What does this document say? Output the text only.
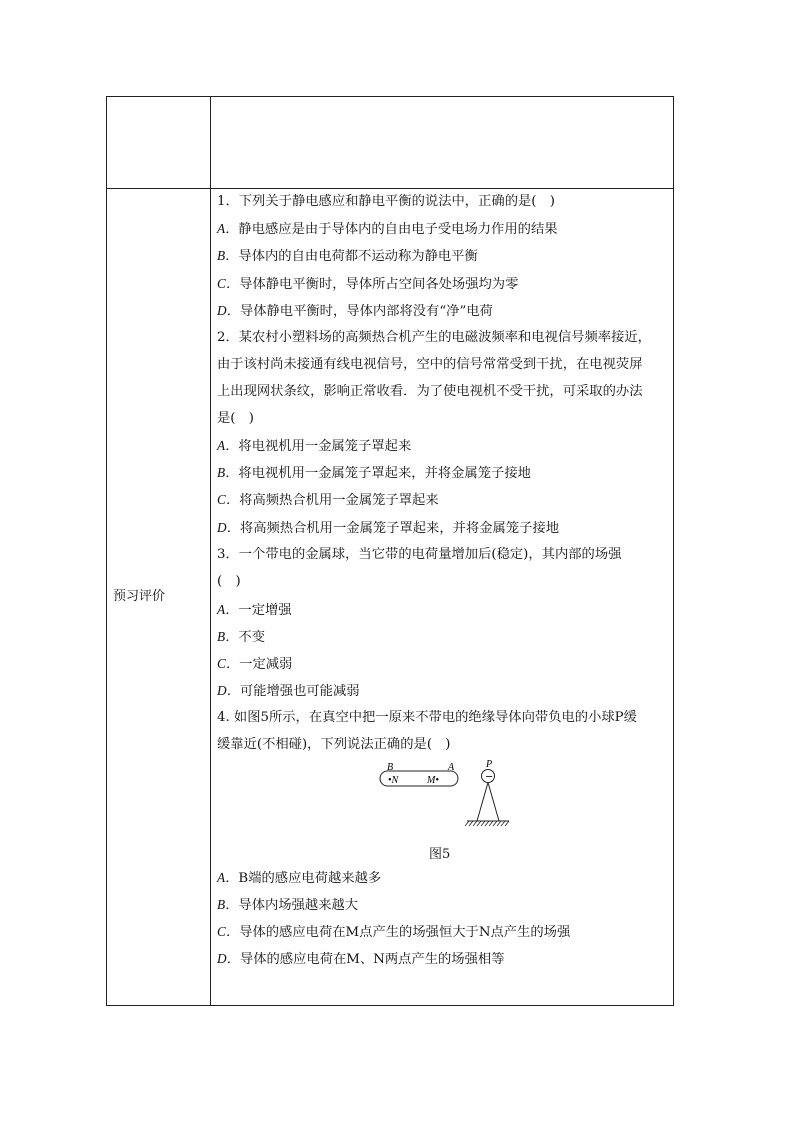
预习评价
1．下列关于静电感应和静电平衡的说法中，正确的是(　)
A．静电感应是由于导体内的自由电子受电场力作用的结果
B．导体内的自由电荷都不运动称为静电平衡
C．导体静电平衡时，导体所占空间各处场强均为零
D．导体静电平衡时，导体内部将没有“净”电荷
2．某农村小塑料场的高频热合机产生的电磁波频率和电视信号频率接近，
由于该村尚未接通有线电视信号，空中的信号常常受到干扰，在电视荧屏
上出现网状条纹，影响正常收看．为了使电视机不受干扰，可采取的办法
是(　)
A．将电视机用一金属笼子罩起来
B．将电视机用一金属笼子罩起来，并将金属笼子接地
C．将高频热合机用一金属笼子罩起来
D．将高频热合机用一金属笼子罩起来，并将金属笼子接地
3．一个带电的金属球，当它带的电荷量增加后(稳定)，其内部的场强
(　)
A．一定增强
B．不变
C．一定减弱
D．可能增强也可能减弱
4. 如图5所示，在真空中把一原来不带电的绝缘导体向带负电的小球P缓
缓靠近(不相碰)，下列说法正确的是(　)
B	A	P
•N	M•	−
图5
A．B端的感应电荷越来越多
B．导体内场强越来越大
C．导体的感应电荷在M点产生的场强恒大于N点产生的场强
D．导体的感应电荷在M、N两点产生的场强相等
